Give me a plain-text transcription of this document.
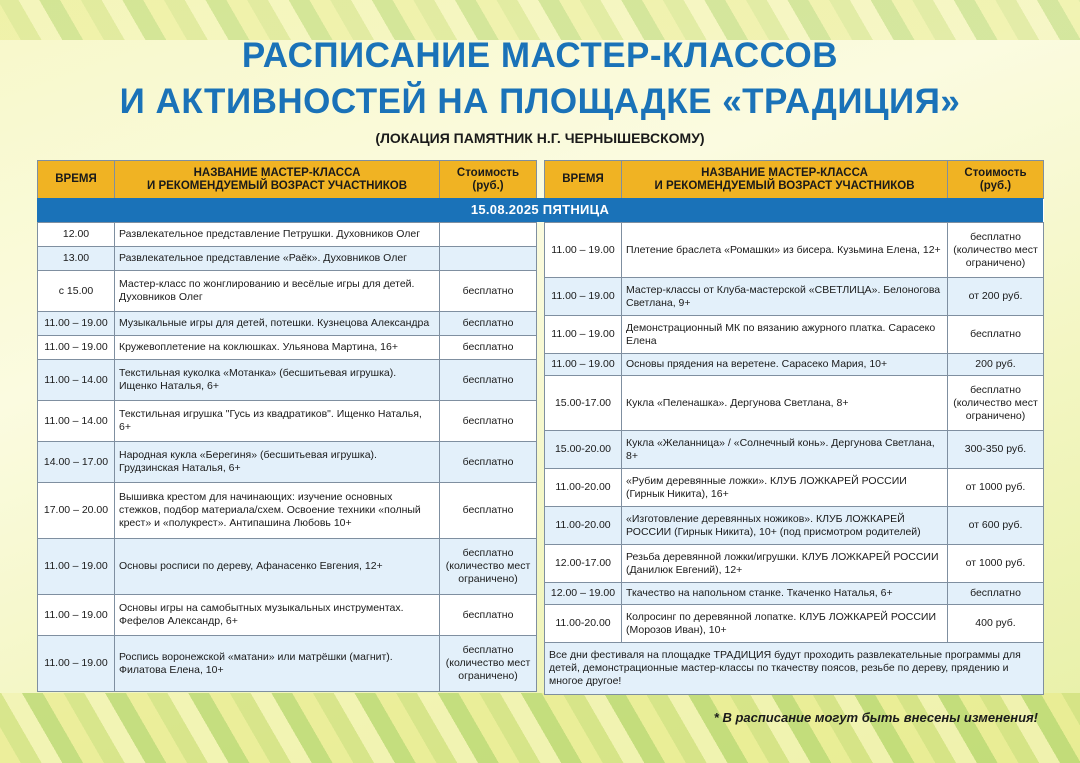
РАСПИСАНИЕ МАСТЕР-КЛАССОВ
И АКТИВНОСТЕЙ НА ПЛОЩАДКЕ «ТРАДИЦИЯ»
(ЛОКАЦИЯ ПАМЯТНИК Н.Г. ЧЕРНЫШЕВСКОМУ)
ВРЕМЯ	НАЗВАНИЕ МАСТЕР-КЛАССА
И РЕКОМЕНДУЕМЫЙ ВОЗРАСТ УЧАСТНИКОВ	Стоимость
(руб.)

12.00	Развлекательное представление Петрушки. Духовников Олег	
13.00	Развлекательное представление «Раёк». Духовников Олег	
с 15.00	Мастер-класс по жонглированию и весёлые игры для детей. Духовников Олег	бесплатно
11.00 – 19.00	Музыкальные игры для детей, потешки. Кузнецова Александра	бесплатно
11.00 – 19.00	Кружевоплетение на коклюшках. Ульянова Мартина, 16+	бесплатно
11.00 – 14.00	Текстильная куколка «Мотанка» (бесшитьевая игрушка). Ищенко Наталья, 6+	бесплатно
11.00 – 14.00	Текстильная игрушка "Гусь из квадратиков". Ищенко Наталья, 6+	бесплатно
14.00 – 17.00	Народная кукла «Берегиня» (бесшитьевая игрушка). Грудзинская Наталья, 6+	бесплатно
17.00 – 20.00	Вышивка крестом для начинающих: изучение основных стежков, подбор материала/схем. Освоение техники «полный крест» и «полукрест». Антипашина Любовь 10+	бесплатно
11.00 – 19.00	Основы росписи по дереву, Афанасенко Евгения, 12+	бесплатно (количество мест ограничено)
11.00 – 19.00	Основы игры на самобытных музыкальных инструментах. Фефелов Александр, 6+	бесплатно
11.00 – 19.00	Роспись воронежской «матани» или матрёшки (магнит). Филатова Елена, 10+	бесплатно (количество мест ограничено)
ВРЕМЯ	НАЗВАНИЕ МАСТЕР-КЛАССА
И РЕКОМЕНДУЕМЫЙ ВОЗРАСТ УЧАСТНИКОВ	Стоимость
(руб.)

11.00 – 19.00	Плетение браслета «Ромашки» из бисера. Кузьмина Елена, 12+	бесплатно (количество мест ограничено)
11.00 – 19.00	Мастер-классы от Клуба-мастерской «СВЕТЛИЦА». Белоногова Светлана, 9+	от 200 руб.
11.00 – 19.00	Демонстрационный МК по вязанию ажурного платка. Сарасеко Елена	бесплатно
11.00 – 19.00	Основы прядения на веретене. Сарасеко Мария, 10+	200 руб.
15.00-17.00	Кукла «Пеленашка». Дергунова Светлана, 8+	бесплатно (количество мест ограничено)
15.00-20.00	Кукла «Желанница» / «Солнечный конь». Дергунова Светлана, 8+	300-350 руб.
11.00-20.00	«Рубим деревянные ложки». КЛУБ ЛОЖКАРЕЙ РОССИИ (Гирнык Никита), 16+	от 1000 руб.
11.00-20.00	«Изготовление деревянных ножиков». КЛУБ ЛОЖКАРЕЙ РОССИИ (Гирнык Никита), 10+ (под присмотром родителей)	от 600 руб.
12.00-17.00	Резьба деревянной ложки/игрушки. КЛУБ ЛОЖКАРЕЙ РОССИИ (Данилюк Евгений), 12+	от 1000 руб.
12.00 – 19.00	Ткачество на напольном станке. Ткаченко Наталья, 6+	бесплатно
11.00-20.00	Колросинг по деревянной лопатке. КЛУБ ЛОЖКАРЕЙ РОССИИ (Морозов Иван), 10+	400 руб.
Все дни фестиваля на площадке ТРАДИЦИЯ будут проходить развлекательные программы для детей, демонстрационные мастер-классы по ткачеству поясов, резьбе по дереву, прядению и многое другое!		
15.08.2025 ПЯТНИЦА
* В расписание могут быть внесены изменения!
